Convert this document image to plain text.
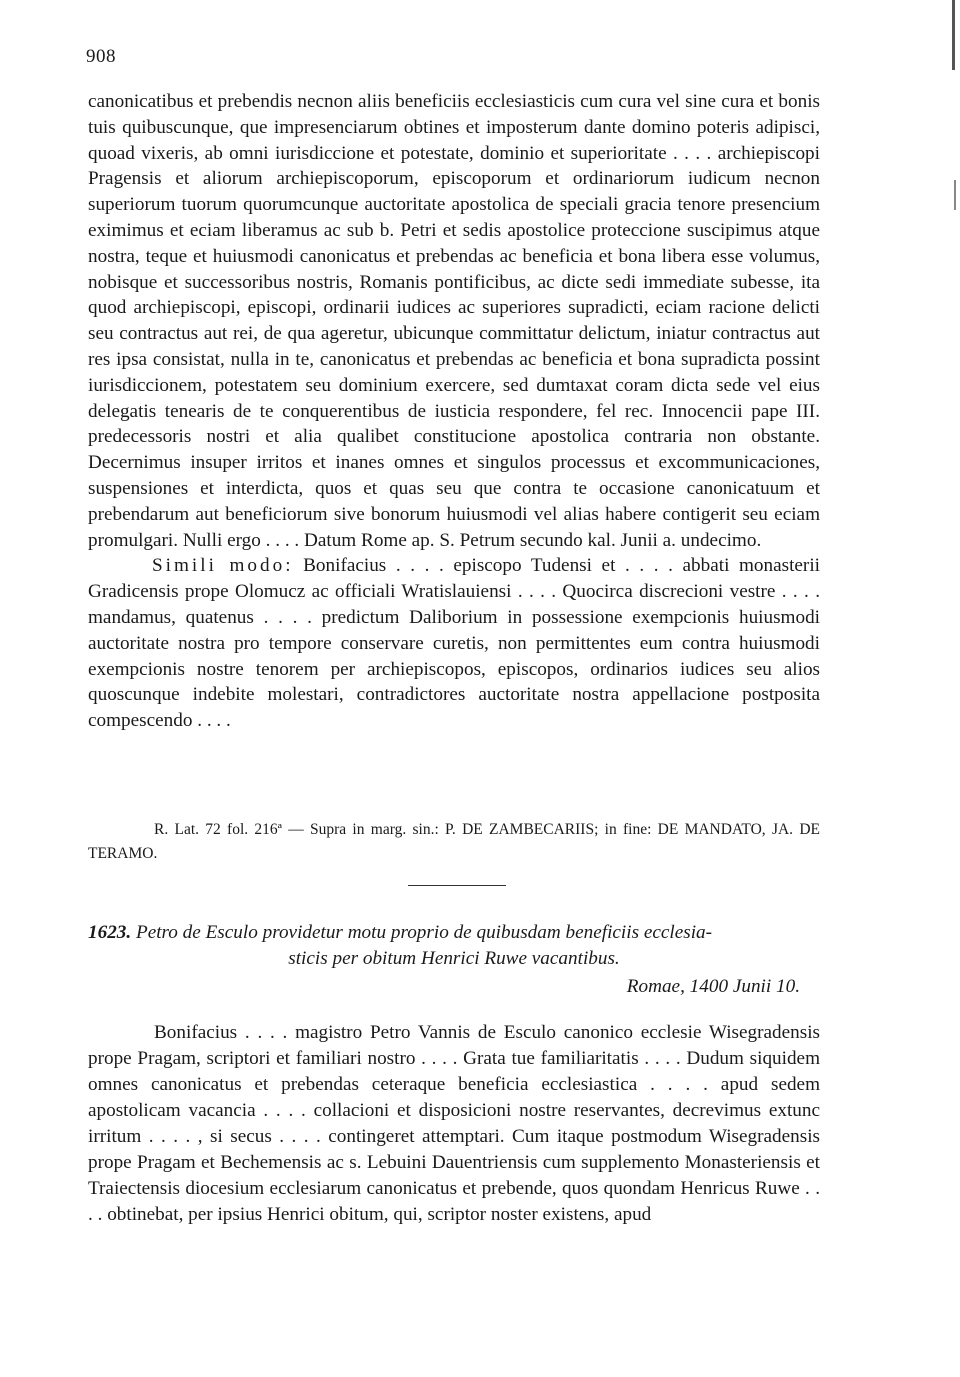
908

canonicatibus et prebendis necnon aliis beneficiis ecclesiasticis cum cura vel sine cura et bonis tuis quibuscunque, que impresenciarum obtines et imposterum dante domino poteris adipisci, quoad vixeris, ab omni iurisdiccione et potestate, dominio et superioritate . . . . archiepiscopi Pragensis et aliorum archiepiscoporum, episcoporum et ordinariorum iudicum necnon superiorum tuorum quorumcunque auctoritate apostolica de speciali gracia tenore presencium eximimus et eciam liberamus ac sub b. Petri et sedis apostolice proteccione suscipimus atque nostra, teque et huiusmodi canonicatus et prebendas ac beneficia et bona libera esse volumus, nobisque et successoribus nostris, Romanis pontificibus, ac dicte sedi immediate subesse, ita quod archiepiscopi, episcopi, ordinarii iudices ac superiores supradicti, eciam racione delicti seu contractus aut rei, de qua ageretur, ubicunque committatur delictum, iniatur contractus aut res ipsa consistat, nulla in te, canonicatus et prebendas ac beneficia et bona supradicta possint iurisdiccionem, potestatem seu dominium exercere, sed dumtaxat coram dicta sede vel eius delegatis tenearis de te conquerentibus de iusticia respondere, fel rec. Innocencii pape III. predecessoris nostri et alia qualibet constitucione apostolica contraria non obstante. Decernimus insuper irritos et inanes omnes et singulos processus et excommunicaciones, suspensiones et interdicta, quos et quas seu que contra te occasione canonicatuum et prebendarum aut beneficiorum sive bonorum huiusmodi vel alias habere contigerit seu eciam promulgari. Nulli ergo . . . . Datum Rome ap. S. Petrum secundo kal. Junii a. undecimo.

Simili modo: Bonifacius . . . . episcopo Tudensi et . . . . abbati monasterii Gradicensis prope Olomucz ac officiali Wratislauiensi . . . . Quocirca discrecioni vestre . . . . mandamus, quatenus . . . . predictum Daliborium in possessione exempcionis huiusmodi auctoritate nostra pro tempore conservare curetis, non permittentes eum contra huiusmodi exempcionis nostre tenorem per archiepiscopos, episcopos, ordinarios iudices seu alios quoscunque indebite molestari, contradictores auctoritate nostra appellacione postposita compescendo . . . .

R. Lat. 72 fol. 216ª — Supra in marg. sin.: P. DE ZAMBECARIIS; in fine: DE MANDATO, JA. DE TERAMO.

1623. Petro de Esculo providetur motu proprio de quibusdam beneficiis ecclesia-
sticis per obitum Henrici Ruwe vacantibus.
Romae, 1400 Junii 10.

Bonifacius . . . . magistro Petro Vannis de Esculo canonico ecclesie Wisegradensis prope Pragam, scriptori et familiari nostro . . . . Grata tue familiaritatis . . . . Dudum siquidem omnes canonicatus et prebendas ceteraque beneficia ecclesiastica . . . . apud sedem apostolicam vacancia . . . . collacioni et disposicioni nostre reservantes, decrevimus extunc irritum . . . . , si secus . . . . contingeret attemptari. Cum itaque postmodum Wisegradensis prope Pragam et Bechemensis ac s. Lebuini Dauentriensis cum supplemento Monasteriensis et Traiectensis diocesium ecclesiarum canonicatus et prebende, quos quondam Henricus Ruwe . . . . obtinebat, per ipsius Henrici obitum, qui, scriptor noster existens, apud
